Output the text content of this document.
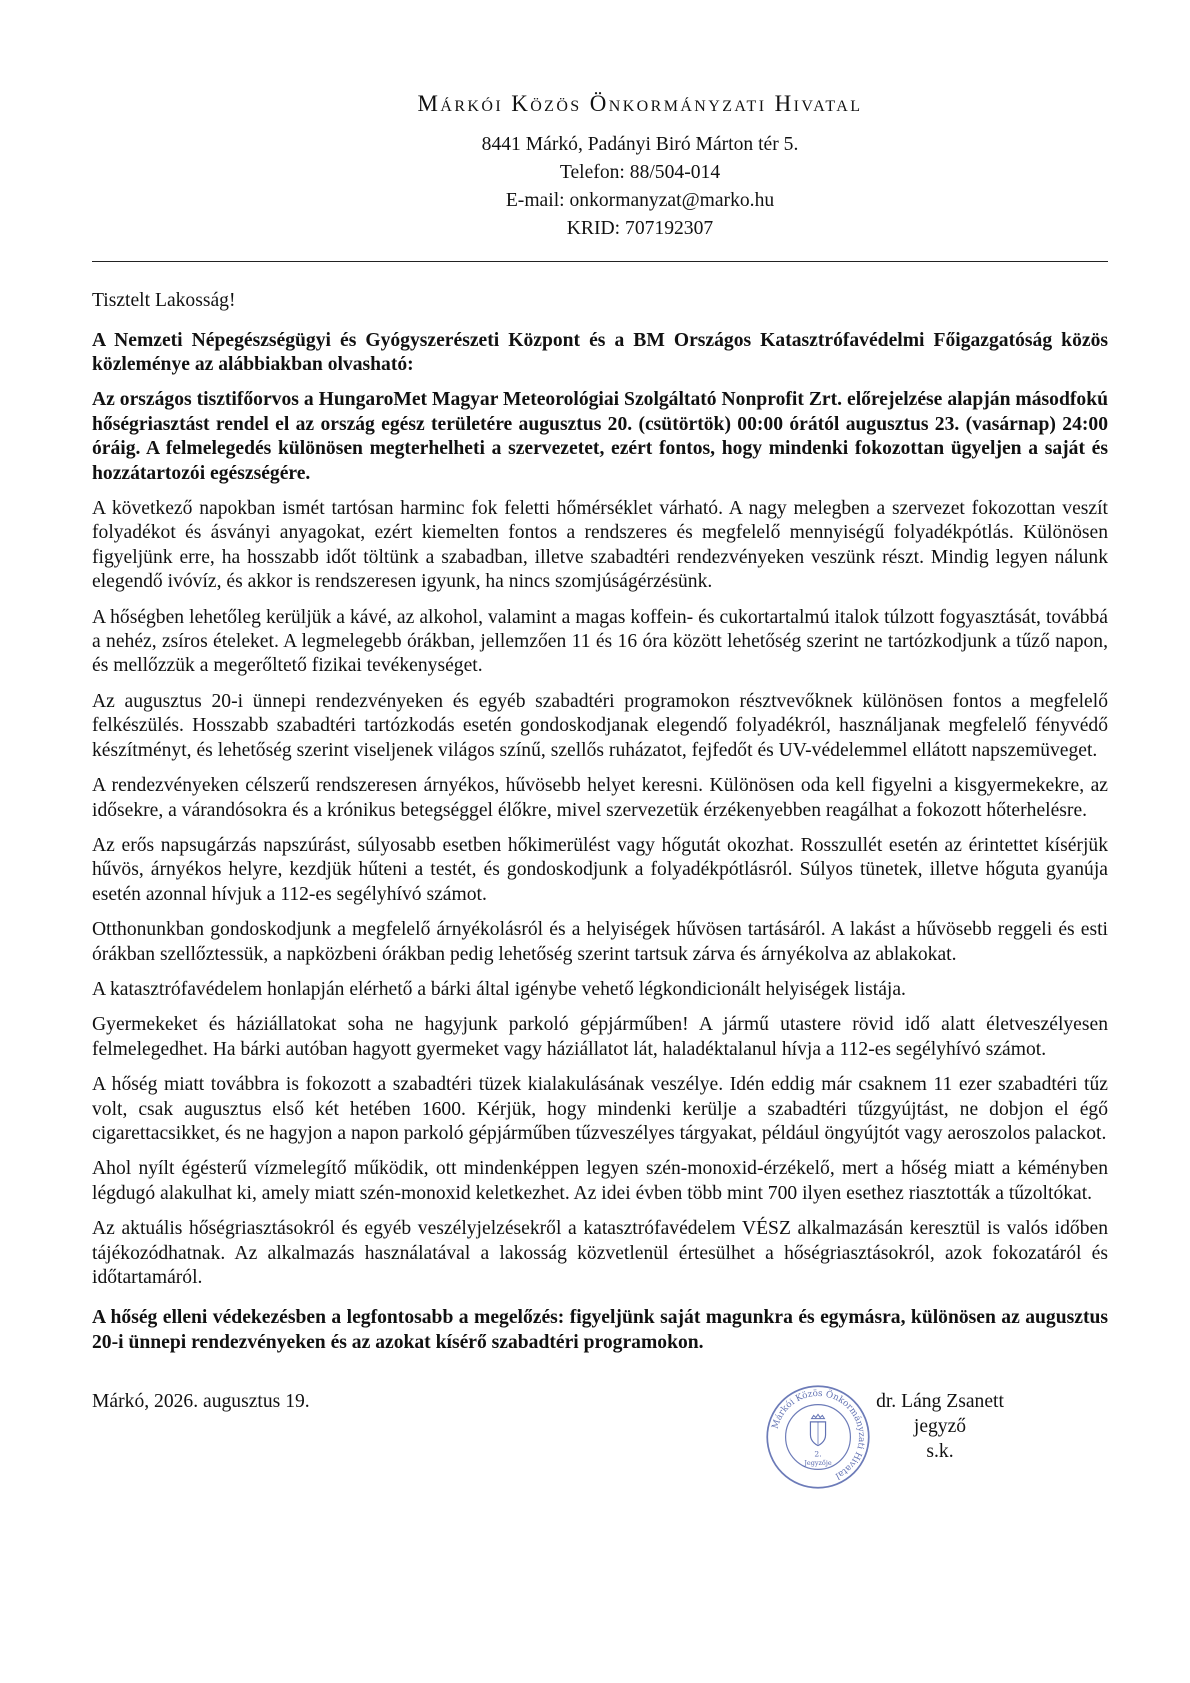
Márkói Közös Önkormányzati Hivatal
8441 Márkó, Padányi Biró Márton tér 5.
Telefon: 88/504-014
E-mail: onkormanyzat@marko.hu
KRID: 707192307

Tisztelt Lakosság!

A Nemzeti Népegészségügyi és Gyógyszerészeti Központ és a BM Országos Katasztrófavédelmi Főigazgatóság közös közleménye az alábbiakban olvasható:

Az országos tisztifőorvos a HungaroMet Magyar Meteorológiai Szolgáltató Nonprofit Zrt. előrejelzése alapján másodfokú hőségriasztást rendel el az ország egész területére augusztus 20. (csütörtök) 00:00 órától augusztus 23. (vasárnap) 24:00 óráig. A felmelegedés különösen megterhelheti a szervezetet, ezért fontos, hogy mindenki fokozottan ügyeljen a saját és hozzátartozói egészségére.

A következő napokban ismét tartósan harminc fok feletti hőmérséklet várható. A nagy melegben a szervezet fokozottan veszít folyadékot és ásványi anyagokat, ezért kiemelten fontos a rendszeres és megfelelő mennyiségű folyadékpótlás. Különösen figyeljünk erre, ha hosszabb időt töltünk a szabadban, illetve szabadtéri rendezvényeken veszünk részt. Mindig legyen nálunk elegendő ivóvíz, és akkor is rendszeresen igyunk, ha nincs szomjúságérzésünk.

A hőségben lehetőleg kerüljük a kávé, az alkohol, valamint a magas koffein- és cukortartalmú italok túlzott fogyasztását, továbbá a nehéz, zsíros ételeket. A legmelegebb órákban, jellemzően 11 és 16 óra között lehetőség szerint ne tartózkodjunk a tűző napon, és mellőzzük a megerőltető fizikai tevékenységet.

Az augusztus 20-i ünnepi rendezvényeken és egyéb szabadtéri programokon résztvevőknek különösen fontos a megfelelő felkészülés. Hosszabb szabadtéri tartózkodás esetén gondoskodjanak elegendő folyadékról, használjanak megfelelő fényvédő készítményt, és lehetőség szerint viseljenek világos színű, szellős ruházatot, fejfedőt és UV-védelemmel ellátott napszemüveget.

A rendezvényeken célszerű rendszeresen árnyékos, hűvösebb helyet keresni. Különösen oda kell figyelni a kisgyermekekre, az idősekre, a várandósokra és a krónikus betegséggel élőkre, mivel szervezetük érzékenyebben reagálhat a fokozott hőterhelésre.

Az erős napsugárzás napszúrást, súlyosabb esetben hőkimerülést vagy hőgutát okozhat. Rosszullét esetén az érintettet kísérjük hűvös, árnyékos helyre, kezdjük hűteni a testét, és gondoskodjunk a folyadékpótlásról. Súlyos tünetek, illetve hőguta gyanúja esetén azonnal hívjuk a 112-es segélyhívó számot.

Otthonunkban gondoskodjunk a megfelelő árnyékolásról és a helyiségek hűvösen tartásáról. A lakást a hűvösebb reggeli és esti órákban szellőztessük, a napközbeni órákban pedig lehetőség szerint tartsuk zárva és árnyékolva az ablakokat.

A katasztrófavédelem honlapján elérhető a bárki által igénybe vehető légkondicionált helyiségek listája.

Gyermekeket és háziállatokat soha ne hagyjunk parkoló gépjárműben! A jármű utastere rövid idő alatt életveszélyesen felmelegedhet. Ha bárki autóban hagyott gyermeket vagy háziállatot lát, haladéktalanul hívja a 112-es segélyhívó számot.

A hőség miatt továbbra is fokozott a szabadtéri tüzek kialakulásának veszélye. Idén eddig már csaknem 11 ezer szabadtéri tűz volt, csak augusztus első két hetében 1600. Kérjük, hogy mindenki kerülje a szabadtéri tűzgyújtást, ne dobjon el égő cigarettacsikket, és ne hagyjon a napon parkoló gépjárműben tűzveszélyes tárgyakat, például öngyújtót vagy aeroszolos palackot.

Ahol nyílt égésterű vízmelegítő működik, ott mindenképpen legyen szén-monoxid-érzékelő, mert a hőség miatt a kéményben légdugó alakulhat ki, amely miatt szén-monoxid keletkezhet. Az idei évben több mint 700 ilyen esethez riasztották a tűzoltókat.

Az aktuális hőségriasztásokról és egyéb veszélyjelzésekről a katasztrófavédelem VÉSZ alkalmazásán keresztül is valós időben tájékozódhatnak. Az alkalmazás használatával a lakosság közvetlenül értesülhet a hőségriasztásokról, azok fokozatáról és időtartamáról.

A hőség elleni védekezésben a legfontosabb a megelőzés: figyeljünk saját magunkra és egymásra, különösen az augusztus 20-i ünnepi rendezvényeken és az azokat kísérő szabadtéri programokon.

Márkó, 2026. augusztus 19.
Márkói Közös Önkormányzati Hivatal
2.
Jegyzője
dr. Láng Zsanett
jegyző
s.k.
